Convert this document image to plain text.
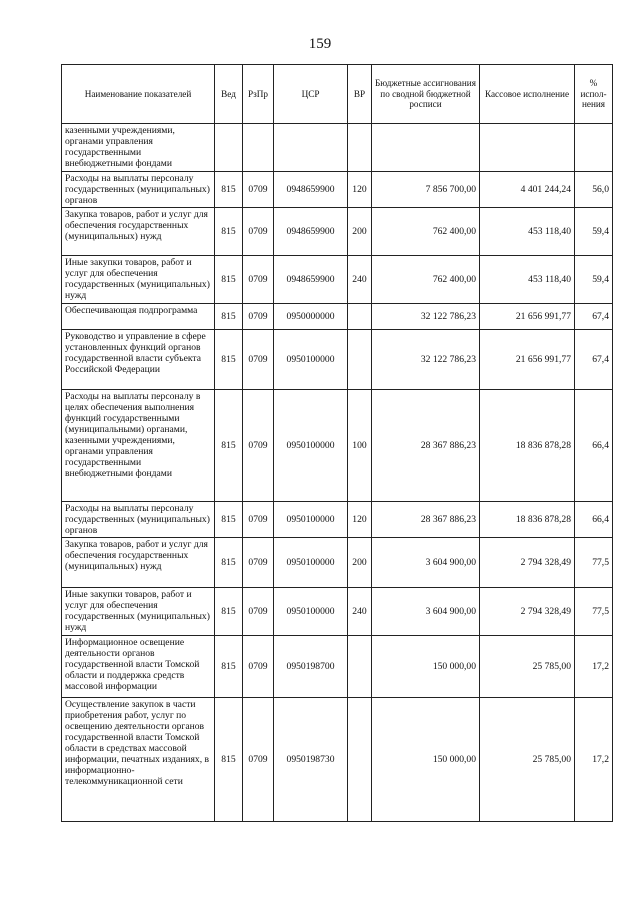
159
Наименование показателей	Вед	РзПр	ЦСР	ВР	Бюджетные ассигнования по сводной бюджетной росписи	Кассовое исполнение	% испол-нения
казенными учреждениями, органами управления государственными внебюджетными фондами							
Расходы на выплаты персоналу государственных (муниципальных) органов	815	0709	0948659900	120	7 856 700,00	4 401 244,24	56,0
Закупка товаров, работ и услуг для обеспечения государственных (муниципальных) нужд	815	0709	0948659900	200	762 400,00	453 118,40	59,4
Иные закупки товаров, работ и услуг для обеспечения государственных (муниципальных) нужд	815	0709	0948659900	240	762 400,00	453 118,40	59,4
Обеспечивающая подпрограмма	815	0709	0950000000		32 122 786,23	21 656 991,77	67,4
Руководство и управление в сфере установленных функций органов государственной власти субъекта Российской Федерации	815	0709	0950100000		32 122 786,23	21 656 991,77	67,4
Расходы на выплаты персоналу в целях обеспечения выполнения функций государственными (муниципальными) органами, казенными учреждениями, органами управления государственными внебюджетными фондами	815	0709	0950100000	100	28 367 886,23	18 836 878,28	66,4
Расходы на выплаты персоналу государственных (муниципальных) органов	815	0709	0950100000	120	28 367 886,23	18 836 878,28	66,4
Закупка товаров, работ и услуг для обеспечения государственных (муниципальных) нужд	815	0709	0950100000	200	3 604 900,00	2 794 328,49	77,5
Иные закупки товаров, работ и услуг для обеспечения государственных (муниципальных) нужд	815	0709	0950100000	240	3 604 900,00	2 794 328,49	77,5
Информационное освещение деятельности органов государственной власти Томской области и поддержка средств массовой информации	815	0709	0950198700		150 000,00	25 785,00	17,2
Осуществление закупок в части приобретения работ, услуг по освещению деятельности органов государственной власти Томской области в средствах массовой информации, печатных изданиях, в информационно-телекоммуникационной сети	815	0709	0950198730		150 000,00	25 785,00	17,2
